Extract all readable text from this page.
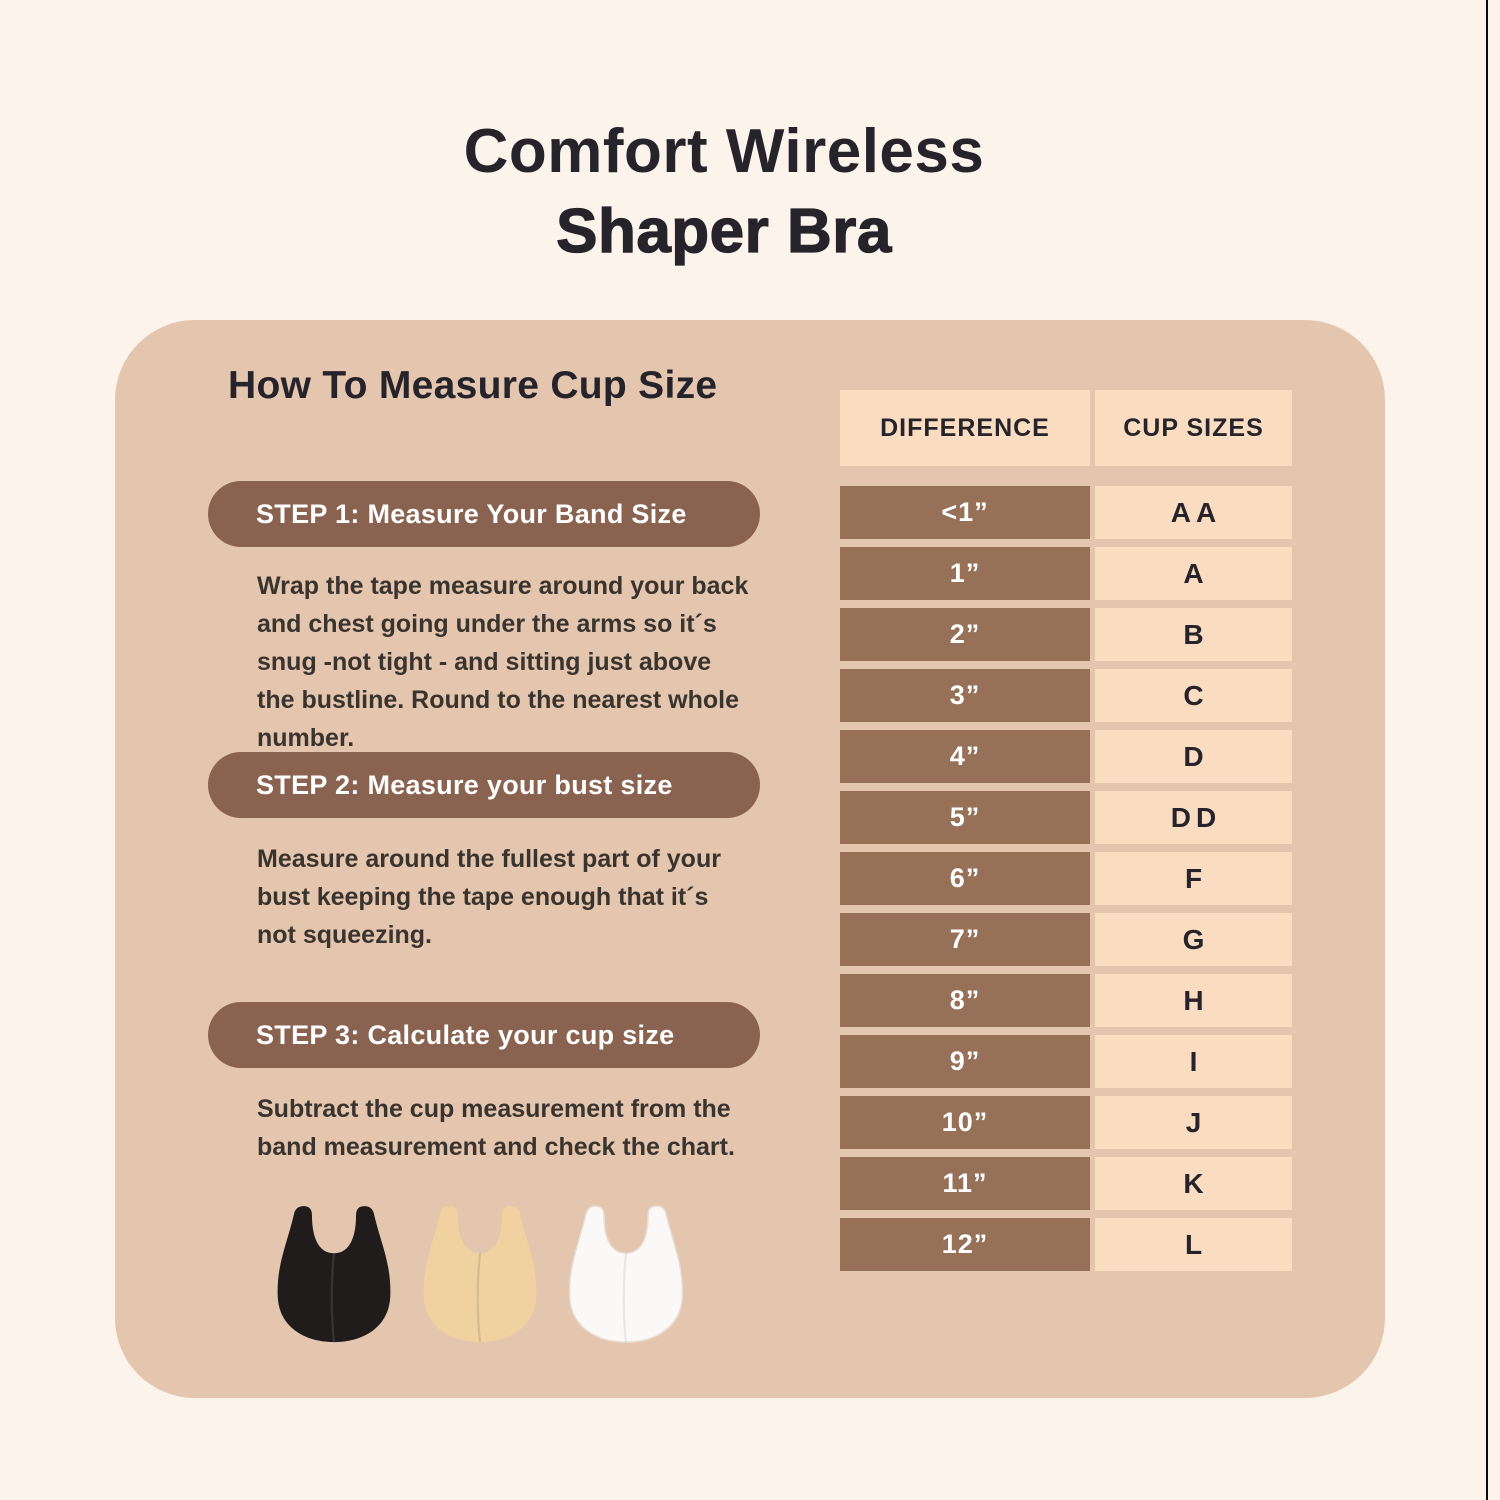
Comfort Wireless
Shaper Bra
How To Measure Cup Size
STEP 1: Measure Your Band Size
Wrap the tape measure around your back and chest going under the arms so it´s snug -not tight - and sitting just above the bustline. Round to the nearest whole number.
STEP 2: Measure your bust size
Measure around the fullest part of your bust keeping the tape enough that it´s not squeezing.
STEP 3: Calculate your cup size
Subtract the cup measurement from the band measurement and check the chart.
DIFFERENCE	CUP SIZES
<1”	AA
1”	A
2”	B
3”	C
4”	D
5”	DD
6”	F
7”	G
8”	H
9”	I
10”	J
11”	K
12”	L
